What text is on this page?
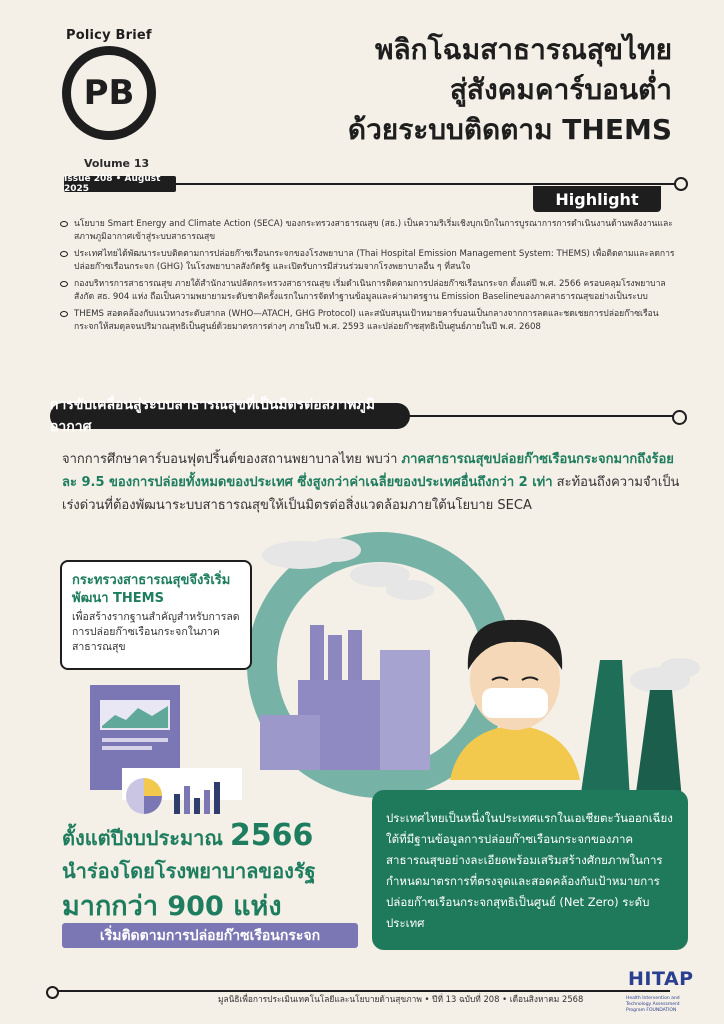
Policy Brief
PB
Volume 13
Issue 208 • August 2025
พลิกโฉมสาธารณสุขไทย
สู่สังคมคาร์บอนต่ำ
ด้วยระบบติดตาม THEMS
Highlight
นโยบาย Smart Energy and Climate Action (SECA) ของกระทรวงสาธารณสุข (สธ.) เป็นความริเริ่มเชิงบุกเบิกในการบูรณาการการดำเนินงานด้านพลังงานและสภาพภูมิอากาศเข้าสู่ระบบสาธารณสุข
ประเทศไทยได้พัฒนาระบบติดตามการปล่อยก๊าซเรือนกระจกของโรงพยาบาล (Thai Hospital Emission Management System: THEMS) เพื่อติดตามและลดการปล่อยก๊าซเรือนกระจก (GHG) ในโรงพยาบาลสังกัดรัฐ และเปิดรับการมีส่วนร่วมจากโรงพยาบาลอื่น ๆ ที่สนใจ
กองบริหารการสาธารณสุข ภายใต้สำนักงานปลัดกระทรวงสาธารณสุข เริ่มดำเนินการติดตามการปล่อยก๊าซเรือนกระจก ตั้งแต่ปี พ.ศ. 2566 ครอบคลุมโรงพยาบาลสังกัด สธ. 904 แห่ง ถือเป็นความพยายามระดับชาติครั้งแรกในการจัดทำฐานข้อมูลและค่ามาตรฐาน Emission Baselineของภาคสาธารณสุขอย่างเป็นระบบ
THEMS สอดคล้องกับแนวทางระดับสากล (WHO—ATACH, GHG Protocol) และสนับสนุนเป้าหมายคาร์บอนเป็นกลางจากการลดและชดเชยการปล่อยก๊าซเรือนกระจกให้สมดุลจนปริมาณสุทธิเป็นศูนย์ด้วยมาตรการต่างๆ ภายในปี พ.ศ. 2593 และปล่อยก๊าซสุทธิเป็นศูนย์ภายในปี พ.ศ. 2608
การขับเคลื่อนสู่ระบบสาธารณสุขที่เป็นมิตรต่อสภาพภูมิอากาศ
จากการศึกษาคาร์บอนฟุตปริ้นต์ของสถานพยาบาลไทย พบว่า ภาคสาธารณสุขปล่อยก๊าซเรือนกระจกมากถึงร้อยละ 9.5 ของการปล่อยทั้งหมดของประเทศ ซึ่งสูงกว่าค่าเฉลี่ยของประเทศอื่นถึงกว่า 2 เท่า สะท้อนถึงความจำเป็นเร่งด่วนที่ต้องพัฒนาระบบสาธารณสุขให้เป็นมิตรต่อสิ่งแวดล้อมภายใต้นโยบาย SECA
กระทรวงสาธารณสุขจึงริเริ่มพัฒนา THEMS
เพื่อสร้างรากฐานสำคัญสำหรับการลดการปล่อยก๊าซเรือนกระจกในภาคสาธารณสุข
ตั้งแต่ปีงบประมาณ 2566
นำร่องโดยโรงพยาบาลของรัฐ
มากกว่า 900 แห่ง
เริ่มติดตามการปล่อยก๊าซเรือนกระจก
ประเทศไทยเป็นหนึ่งในประเทศแรกในเอเชียตะวันออกเฉียงใต้ที่มีฐานข้อมูลการปล่อยก๊าซเรือนกระจกของภาคสาธารณสุขอย่างละเอียดพร้อมเสริมสร้างศักยภาพในการกำหนดมาตรการที่ตรงจุดและสอดคล้องกับเป้าหมายการปล่อยก๊าซเรือนกระจกสุทธิเป็นศูนย์ (Net Zero) ระดับประเทศ
มูลนิธิเพื่อการประเมินเทคโนโลยีและนโยบายด้านสุขภาพ • ปีที่ 13 ฉบับที่ 208 • เดือนสิงหาคม 2568
HITAP
Health Intervention and Technology Assessment Program FOUNDATION
